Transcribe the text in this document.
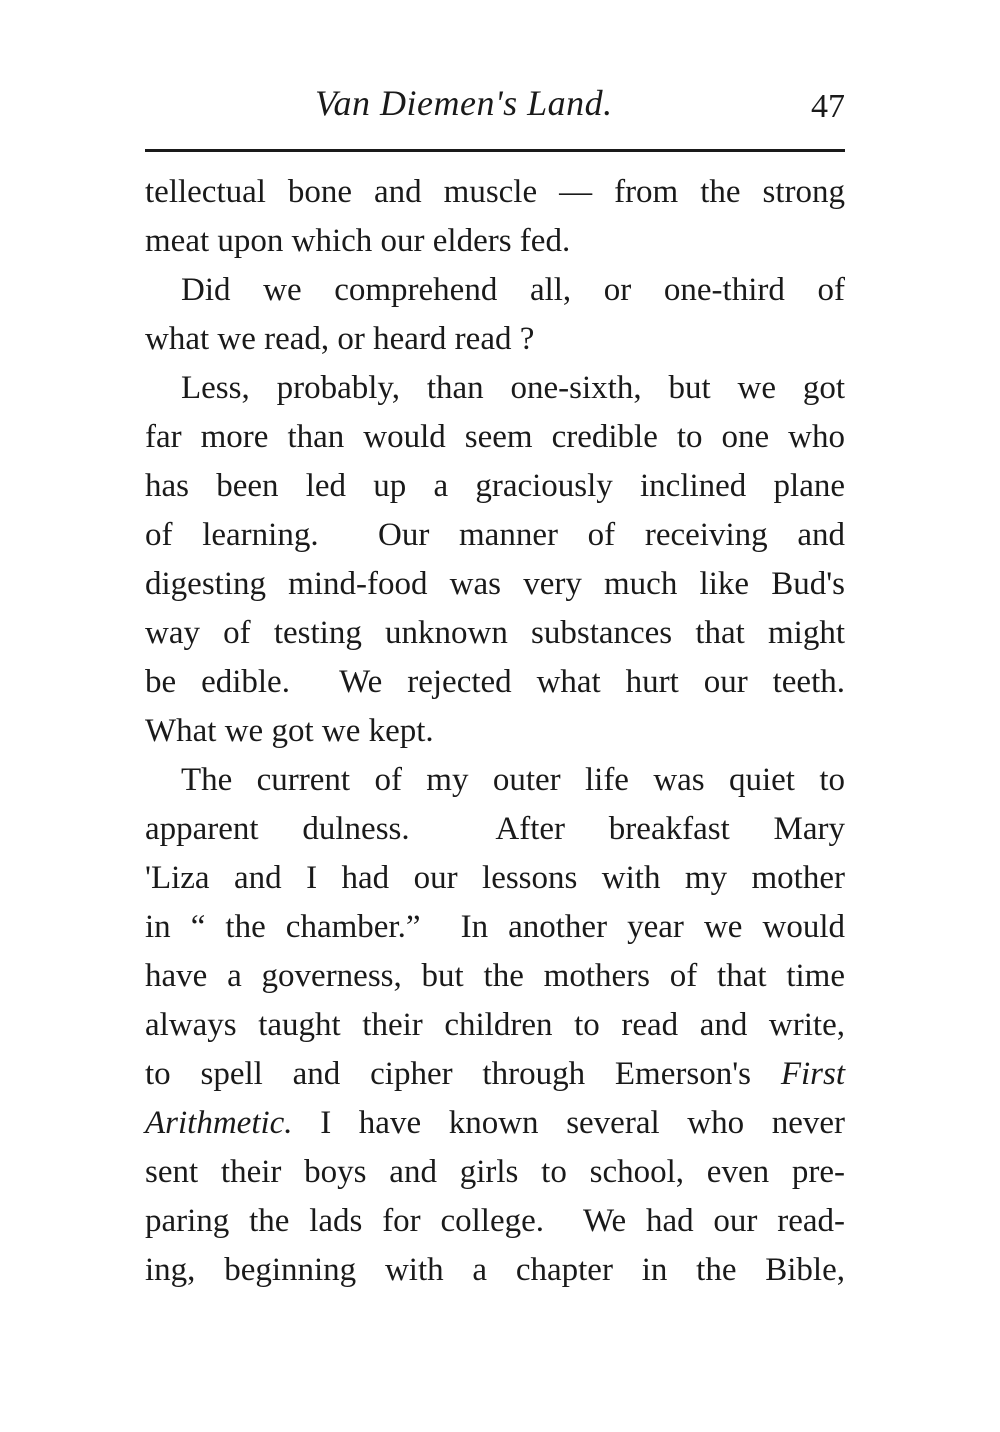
Van Diemen's Land.	47
tellectual bone and muscle — from the strong
meat upon which our elders fed.
Did we comprehend all, or one-third of
what we read, or heard read ?
Less, probably, than one-sixth, but we got
far more than would seem credible to one who
has been led up a graciously inclined plane
of learning.  Our manner of receiving and
digesting mind-food was very much like Bud's
way of testing unknown substances that might
be edible.  We rejected what hurt our teeth.
What we got we kept.
The current of my outer life was quiet to
apparent dulness.  After breakfast Mary
'Liza and I had our lessons with my mother
in “ the chamber.”  In another year we would
have a governess, but the mothers of that time
always taught their children to read and write,
to spell and cipher through Emerson's First
Arithmetic. I have known several who never
sent their boys and girls to school, even pre-
paring the lads for college.  We had our read-
ing, beginning with a chapter in the Bible,
